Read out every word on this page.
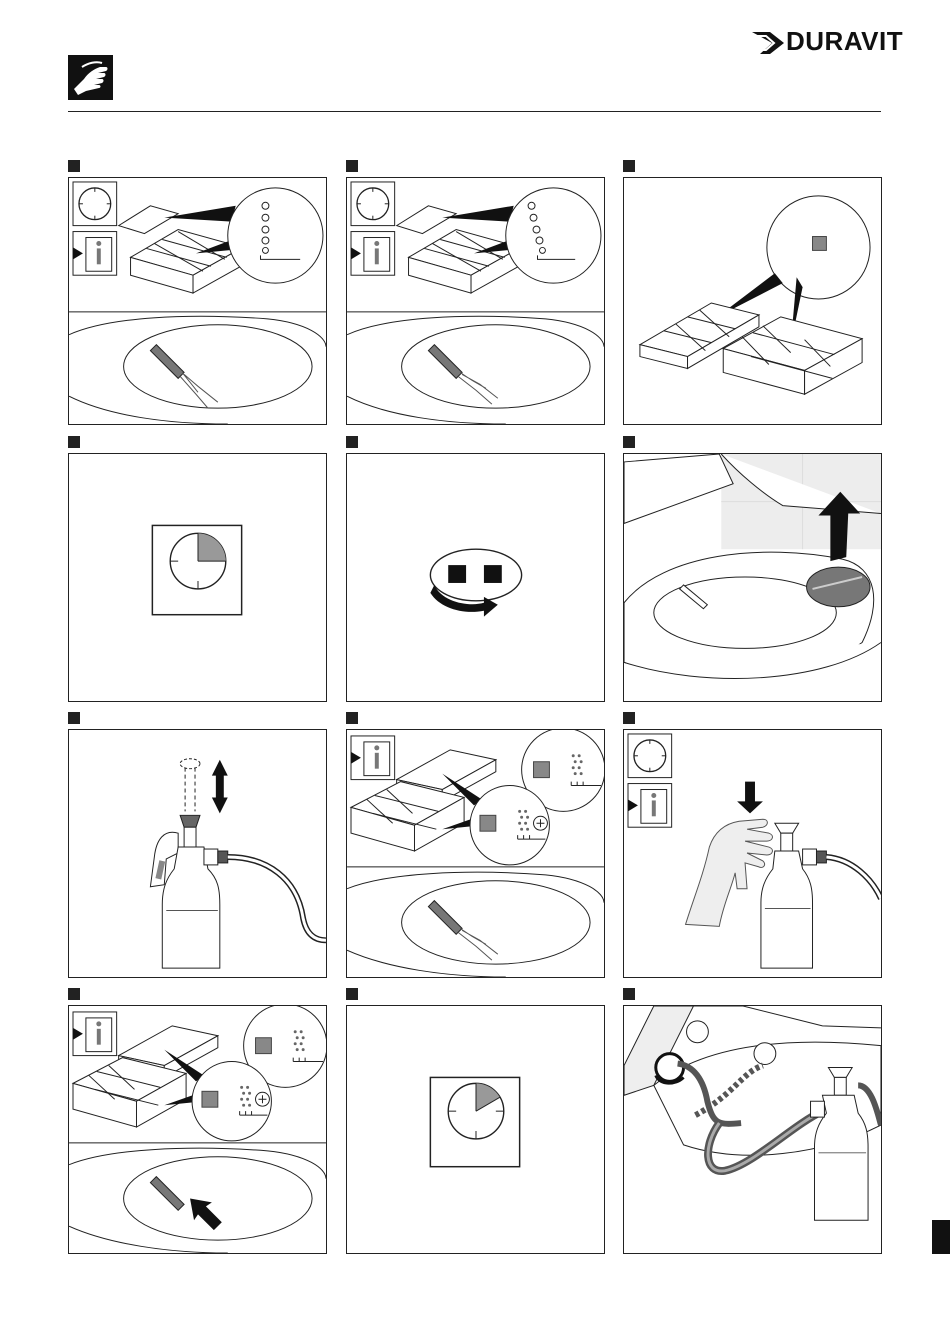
DURAVIT
